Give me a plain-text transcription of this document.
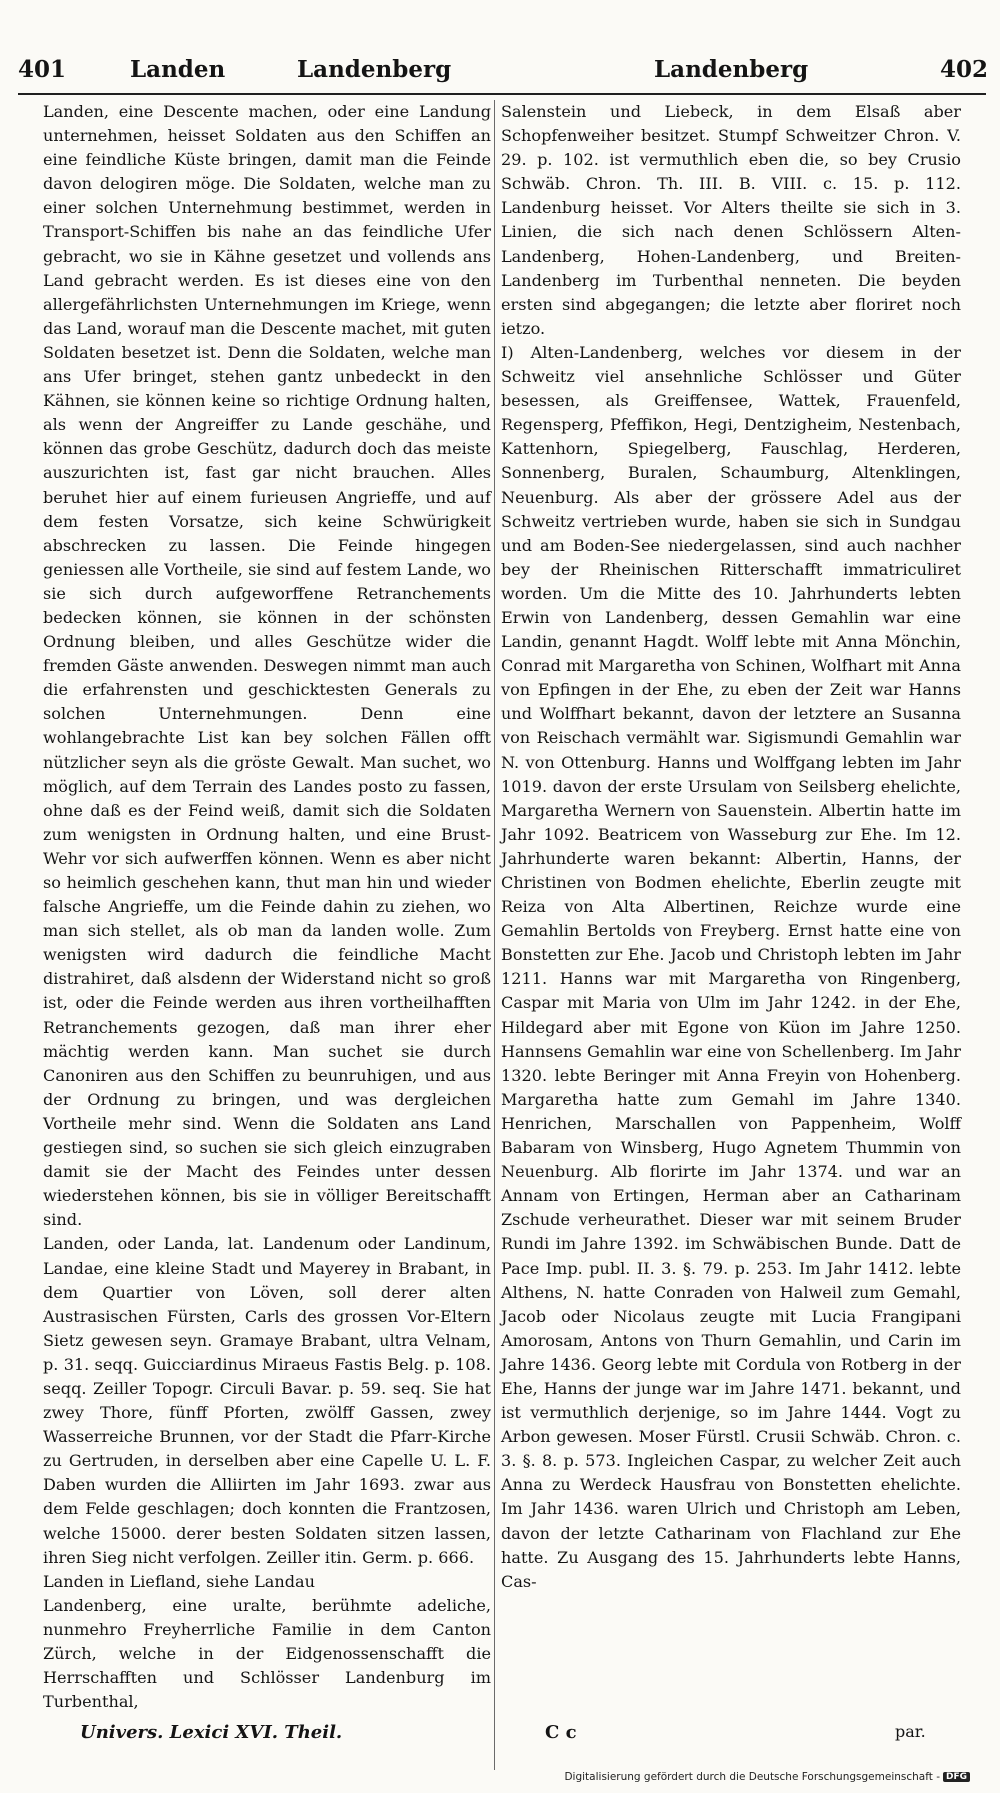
401	Landen	Landenberg	Landenberg	402

Landen, eine Descente machen, oder eine Landung unternehmen, heisset Soldaten aus den Schiffen an eine feindliche Küste bringen, damit man die Feinde davon delogiren möge. Die Soldaten, welche man zu einer solchen Unternehmung bestimmet, werden in Transport-Schiffen bis nahe an das feindliche Ufer gebracht, wo sie in Kähne gesetzet und vollends ans Land gebracht werden. Es ist dieses eine von den allergefährlichsten Unternehmungen im Kriege, wenn das Land, worauf man die Descente machet, mit guten Soldaten besetzet ist. Denn die Soldaten, welche man ans Ufer bringet, stehen gantz unbedeckt in den Kähnen, sie können keine so richtige Ordnung halten, als wenn der Angreiffer zu Lande geschähe, und können das grobe Geschütz, dadurch doch das meiste auszurichten ist, fast gar nicht brauchen. Alles beruhet hier auf einem furieusen Angrieffe, und auf dem festen Vorsatze, sich keine Schwürigkeit abschrecken zu lassen. Die Feinde hingegen geniessen alle Vortheile, sie sind auf festem Lande, wo sie sich durch aufgeworffene Retranchements bedecken können, sie können in der schönsten Ordnung bleiben, und alles Geschütze wider die fremden Gäste anwenden. Deswegen nimmt man auch die erfahrensten und geschicktesten Generals zu solchen Unternehmungen. Denn eine wohlangebrachte List kan bey solchen Fällen offt nützlicher seyn als die gröste Gewalt. Man suchet, wo möglich, auf dem Terrain des Landes posto zu fassen, ohne daß es der Feind weiß, damit sich die Soldaten zum wenigsten in Ordnung halten, und eine Brust-Wehr vor sich aufwerffen können. Wenn es aber nicht so heimlich geschehen kann, thut man hin und wieder falsche Angrieffe, um die Feinde dahin zu ziehen, wo man sich stellet, als ob man da landen wolle. Zum wenigsten wird dadurch die feindliche Macht distrahiret, daß alsdenn der Widerstand nicht so groß ist, oder die Feinde werden aus ihren vortheilhafften Retranchements gezogen, daß man ihrer eher mächtig werden kann. Man suchet sie durch Canoniren aus den Schiffen zu beunruhigen, und aus der Ordnung zu bringen, und was dergleichen Vortheile mehr sind. Wenn die Soldaten ans Land gestiegen sind, so suchen sie sich gleich einzugraben damit sie der Macht des Feindes unter dessen wiederstehen können, bis sie in völliger Bereitschafft sind.

Landen, oder Landa, lat. Landenum oder Landinum, Landae, eine kleine Stadt und Mayerey in Brabant, in dem Quartier von Löven, soll derer alten Austrasischen Fürsten, Carls des grossen Vor-Eltern Sietz gewesen seyn. Gramaye Brabant, ultra Velnam, p. 31. seqq. Guicciardinus Miraeus Fastis Belg. p. 108. seqq. Zeiller Topogr. Circuli Bavar. p. 59. seq. Sie hat zwey Thore, fünff Pforten, zwölff Gassen, zwey Wasserreiche Brunnen, vor der Stadt die Pfarr-Kirche zu Gertruden, in derselben aber eine Capelle U. L. F. Daben wurden die Alliirten im Jahr 1693. zwar aus dem Felde geschlagen; doch konnten die Frantzosen, welche 15000. derer besten Soldaten sitzen lassen, ihren Sieg nicht verfolgen. Zeiller itin. Germ. p. 666.

Landen in Liefland, siehe Landau

Landenberg, eine uralte, berühmte adeliche, nunmehro Freyherrliche Familie in dem Canton Zürch, welche in der Eidgenossenschafft die Herrschafften und Schlösser Landenburg im Turbenthal,

Salenstein und Liebeck, in dem Elsaß aber Schopfenweiher besitzet. Stumpf Schweitzer Chron. V. 29. p. 102. ist vermuthlich eben die, so bey Crusio Schwäb. Chron. Th. III. B. VIII. c. 15. p. 112. Landenburg heisset. Vor Alters theilte sie sich in 3. Linien, die sich nach denen Schlössern Alten-Landenberg, Hohen-Landenberg, und Breiten-Landenberg im Turbenthal nenneten. Die beyden ersten sind abgegangen; die letzte aber floriret noch ietzo.

I) Alten-Landenberg, welches vor diesem in der Schweitz viel ansehnliche Schlösser und Güter besessen, als Greiffensee, Wattek, Frauenfeld, Regensperg, Pfeffikon, Hegi, Dentzigheim, Nestenbach, Kattenhorn, Spiegelberg, Fauschlag, Herderen, Sonnenberg, Buralen, Schaumburg, Altenklingen, Neuenburg. Als aber der grössere Adel aus der Schweitz vertrieben wurde, haben sie sich in Sundgau und am Boden-See niedergelassen, sind auch nachher bey der Rheinischen Ritterschafft immatriculiret worden. Um die Mitte des 10. Jahrhunderts lebten Erwin von Landenberg, dessen Gemahlin war eine Landin, genannt Hagdt. Wolff lebte mit Anna Mönchin, Conrad mit Margaretha von Schinen, Wolfhart mit Anna von Epfingen in der Ehe, zu eben der Zeit war Hanns und Wolffhart bekannt, davon der letztere an Susanna von Reischach vermählt war. Sigismundi Gemahlin war N. von Ottenburg. Hanns und Wolffgang lebten im Jahr 1019. davon der erste Ursulam von Seilsberg ehelichte, Margaretha Wernern von Sauenstein. Albertin hatte im Jahr 1092. Beatricem von Wasseburg zur Ehe. Im 12. Jahrhunderte waren bekannt: Albertin, Hanns, der Christinen von Bodmen ehelichte, Eberlin zeugte mit Reiza von Alta Albertinen, Reichze wurde eine Gemahlin Bertolds von Freyberg. Ernst hatte eine von Bonstetten zur Ehe. Jacob und Christoph lebten im Jahr 1211. Hanns war mit Margaretha von Ringenberg, Caspar mit Maria von Ulm im Jahr 1242. in der Ehe, Hildegard aber mit Egone von Küon im Jahre 1250. Hannsens Gemahlin war eine von Schellenberg. Im Jahr 1320. lebte Beringer mit Anna Freyin von Hohenberg. Margaretha hatte zum Gemahl im Jahre 1340. Henrichen, Marschallen von Pappenheim, Wolff Babaram von Winsberg, Hugo Agnetem Thummin von Neuenburg. Alb florirte im Jahr 1374. und war an Annam von Ertingen, Herman aber an Catharinam Zschude verheurathet. Dieser war mit seinem Bruder Rundi im Jahre 1392. im Schwäbischen Bunde. Datt de Pace Imp. publ. II. 3. §. 79. p. 253. Im Jahr 1412. lebte Althens, N. hatte Conraden von Halweil zum Gemahl, Jacob oder Nicolaus zeugte mit Lucia Frangipani Amorosam, Antons von Thurn Gemahlin, und Carin im Jahre 1436. Georg lebte mit Cordula von Rotberg in der Ehe, Hanns der junge war im Jahre 1471. bekannt, und ist vermuthlich derjenige, so im Jahre 1444. Vogt zu Arbon gewesen. Moser Fürstl. Crusii Schwäb. Chron. c. 3. §. 8. p. 573. Ingleichen Caspar, zu welcher Zeit auch Anna zu Werdeck Hausfrau von Bonstetten ehelichte. Im Jahr 1436. waren Ulrich und Christoph am Leben, davon der letzte Catharinam von Flachland zur Ehe hatte. Zu Ausgang des 15. Jahrhunderts lebte Hanns, Cas-

Univers. Lexici XVI. Theil.	C c	par.
Digitalisierung gefördert durch die Deutsche Forschungsgemeinschaft - DFG
